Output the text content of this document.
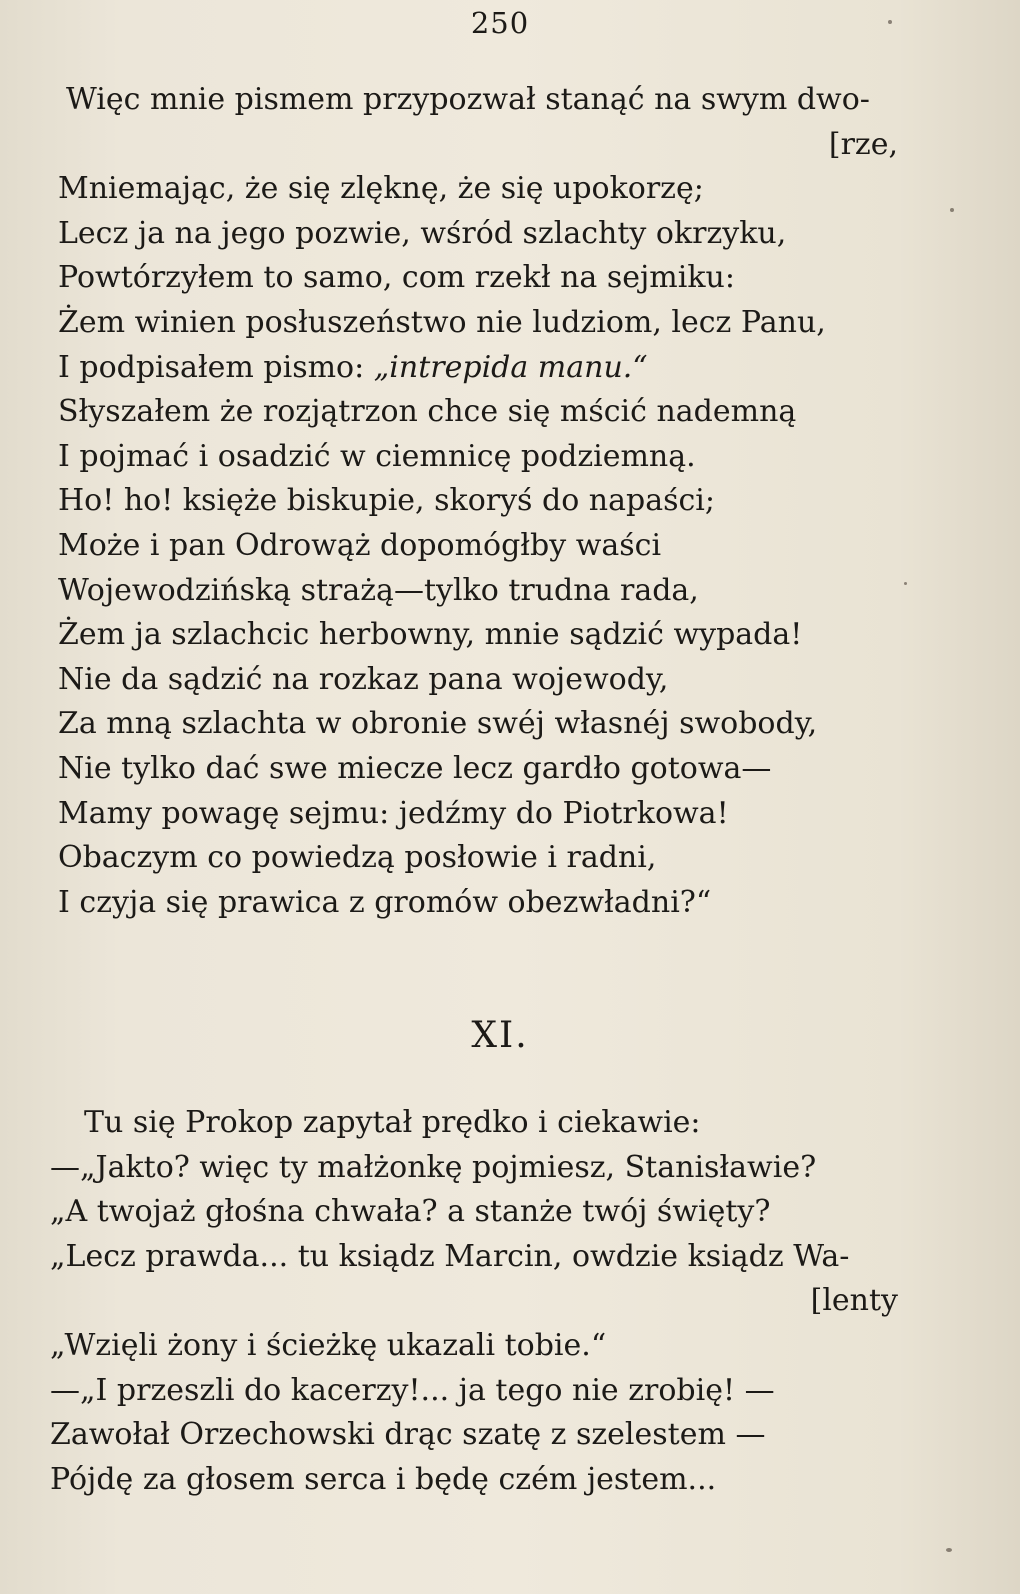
250
Więc mnie pismem przypozwał stanąć na swym dwo-
[rze,
Mniemając, że się zlęknę, że się upokorzę;
Lecz ja na jego pozwie, wśród szlachty okrzyku,
Powtórzyłem to samo, com rzekł na sejmiku:
Żem winien posłuszeństwo nie ludziom, lecz Panu,
I podpisałem pismo: „intrepida manu.“
Słyszałem że rozjątrzon chce się mścić nademną
I pojmać i osadzić w ciemnicę podziemną.
Ho! ho! księże biskupie, skoryś do napaści;
Może i pan Odrowąż dopomógłby waści
Wojewodzińską strażą—tylko trudna rada,
Żem ja szlachcic herbowny, mnie sądzić wypada!
Nie da sądzić na rozkaz pana wojewody,
Za mną szlachta w obronie swéj własnéj swobody,
Nie tylko dać swe miecze lecz gardło gotowa—
Mamy powagę sejmu: jedźmy do Piotrkowa!
Obaczym co powiedzą posłowie i radni,
I czyja się prawica z gromów obezwładni?“
XI.
Tu się Prokop zapytał prędko i ciekawie:
—„Jakto? więc ty małżonkę pojmiesz, Stanisławie?
„A twojaż głośna chwała? a stanże twój święty?
„Lecz prawda... tu ksiądz Marcin, owdzie ksiądz Wa-
[lenty
„Wzięli żony i ścieżkę ukazali tobie.“
—„I przeszli do kacerzy!... ja tego nie zrobię! —
Zawołał Orzechowski drąc szatę z szelestem —
Pójdę za głosem serca i będę czém jestem...
